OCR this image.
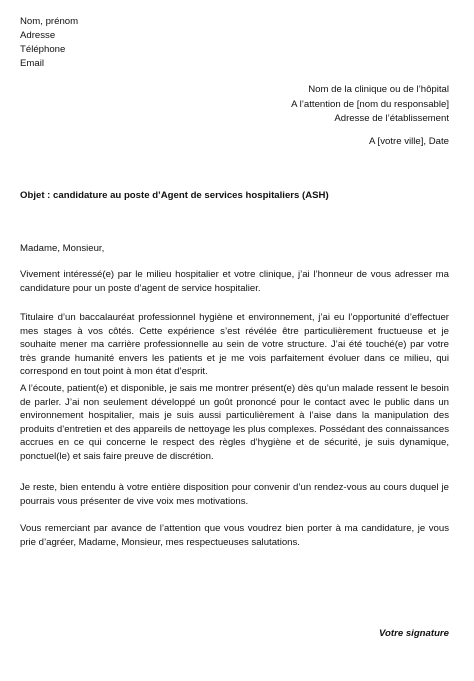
Nom, prénom
Adresse
Téléphone
Email
Nom de la clinique ou de l’hôpital
A l’attention de [nom du responsable]
Adresse de l’établissement
A [votre ville], Date
Objet : candidature au poste d’Agent de services hospitaliers (ASH)
Madame, Monsieur,

Vivement intéressé(e) par le milieu hospitalier et votre clinique, j’ai l’honneur de vous adresser ma candidature pour un poste d’agent de service hospitalier.

Titulaire d’un baccalauréat professionnel hygiène et environnement, j’ai eu l’opportunité d’effectuer mes stages à vos côtés. Cette expérience s’est révélée être particulièrement fructueuse et je souhaite mener ma carrière professionnelle au sein de votre structure. J’ai été touché(e) par votre très grande humanité envers les patients et je me vois parfaitement évoluer dans ce milieu, qui correspond en tout point à mon état d’esprit.

A l’écoute, patient(e) et disponible, je sais me montrer présent(e) dès qu’un malade ressent le besoin de parler. J’ai non seulement développé un goût prononcé pour le contact avec le public dans un environnement hospitalier, mais je suis aussi particulièrement à l’aise dans la manipulation des produits d’entretien et des appareils de nettoyage les plus complexes. Possédant des connaissances accrues en ce qui concerne le respect des règles d’hygiène et de sécurité, je suis dynamique, ponctuel(le) et sais faire preuve de discrétion.

Je reste, bien entendu à votre entière disposition pour convenir d’un rendez-vous au cours duquel je pourrais vous présenter de vive voix mes motivations.

Vous remerciant par avance de l’attention que vous voudrez bien porter à ma candidature, je vous prie d’agréer, Madame, Monsieur, mes respectueuses salutations.

Votre signature
